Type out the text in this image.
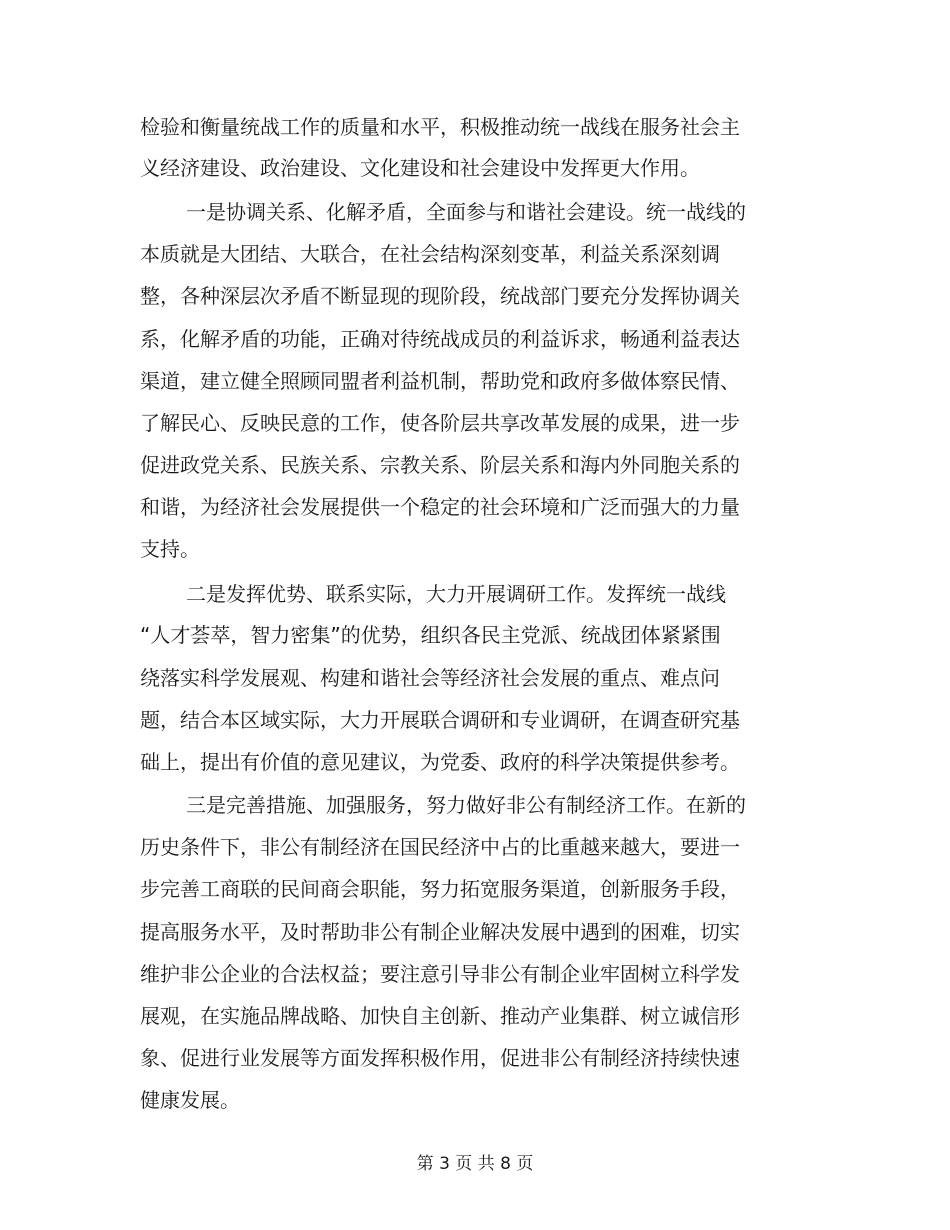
检验和衡量统战工作的质量和水平，积极推动统一战线在服务社会主
义经济建设、政治建设、文化建设和社会建设中发挥更大作用。
一是协调关系、化解矛盾，全面参与和谐社会建设。统一战线的
本质就是大团结、大联合，在社会结构深刻变革，利益关系深刻调
整，各种深层次矛盾不断显现的现阶段，统战部门要充分发挥协调关
系，化解矛盾的功能，正确对待统战成员的利益诉求，畅通利益表达
渠道，建立健全照顾同盟者利益机制，帮助党和政府多做体察民情、
了解民心、反映民意的工作，使各阶层共享改革发展的成果，进一步
促进政党关系、民族关系、宗教关系、阶层关系和海内外同胞关系的
和谐，为经济社会发展提供一个稳定的社会环境和广泛而强大的力量
支持。
二是发挥优势、联系实际，大力开展调研工作。发挥统一战线
“人才荟萃，智力密集”的优势，组织各民主党派、统战团体紧紧围
绕落实科学发展观、构建和谐社会等经济社会发展的重点、难点问
题，结合本区域实际，大力开展联合调研和专业调研，在调查研究基
础上，提出有价值的意见建议，为党委、政府的科学决策提供参考。
三是完善措施、加强服务，努力做好非公有制经济工作。在新的
历史条件下，非公有制经济在国民经济中占的比重越来越大，要进一
步完善工商联的民间商会职能，努力拓宽服务渠道，创新服务手段，
提高服务水平，及时帮助非公有制企业解决发展中遇到的困难，切实
维护非公企业的合法权益；要注意引导非公有制企业牢固树立科学发
展观，在实施品牌战略、加快自主创新、推动产业集群、树立诚信形
象、促进行业发展等方面发挥积极作用，促进非公有制经济持续快速
健康发展。
第 3 页 共 8 页
